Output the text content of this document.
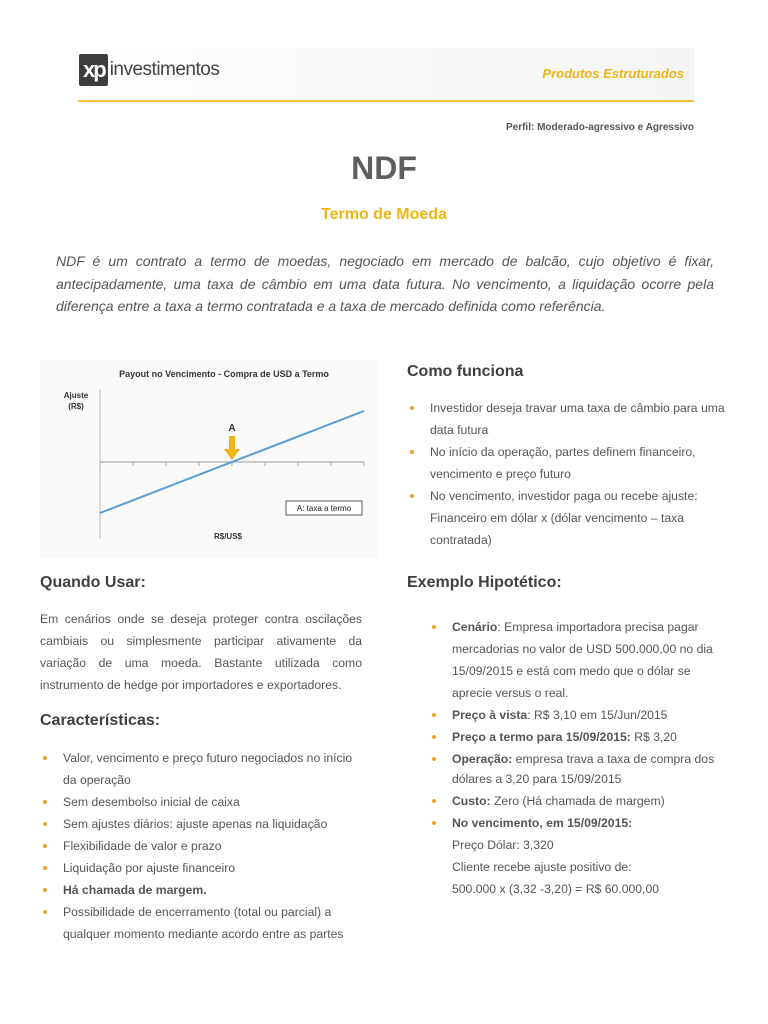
xp investimentos	Produtos Estruturados
Perfil: Moderado-agressivo e Agressivo
NDF
Termo de Moeda

NDF é um contrato a termo de moedas, negociado em mercado de balcão, cujo objetivo é fixar, antecipadamente, uma taxa de câmbio em uma data futura. No vencimento, a liquidação ocorre pela diferença entre a taxa a termo contratada e a taxa de mercado definida como referência.

Payout no Vencimento - Compra de USD a Termo
Ajuste
(R$)
A
A: taxa a termo
R$/US$
Como funciona
Investidor deseja travar uma taxa de câmbio para uma data futura
No início da operação, partes definem financeiro, vencimento e preço futuro
No vencimento, investidor paga ou recebe ajuste: Financeiro em dólar x (dólar vencimento – taxa contratada)
Quando Usar:

Em cenários onde se deseja proteger contra oscilações cambiais ou simplesmente participar ativamente da variação de uma moeda. Bastante utilizada como instrumento de hedge por importadores e exportadores.

Características:
Valor, vencimento e preço futuro negociados no início da operação
Sem desembolso inicial de caixa
Sem ajustes diários: ajuste apenas na liquidação
Flexibilidade de valor e prazo
Liquidação por ajuste financeiro
Há chamada de margem.
Possibilidade de encerramento (total ou parcial) a qualquer momento mediante acordo entre as partes
Exemplo Hipotético:
Cenário: Empresa importadora precisa pagar mercadorias no valor de USD 500.000,00 no dia 15/09/2015 e está com medo que o dólar se aprecie versus o real.
Preço à vista: R$ 3,10 em 15/Jun/2015
Preço a termo para 15/09/2015: R$ 3,20
Operação: empresa trava a taxa de compra dos dólares a 3,20 para 15/09/2015
Custo: Zero (Há chamada de margem)
No vencimento, em 15/09/2015:
Preço Dólar: 3,320
Cliente recebe ajuste positivo de:
500.000 x (3,32 -3,20) = R$ 60.000,00
